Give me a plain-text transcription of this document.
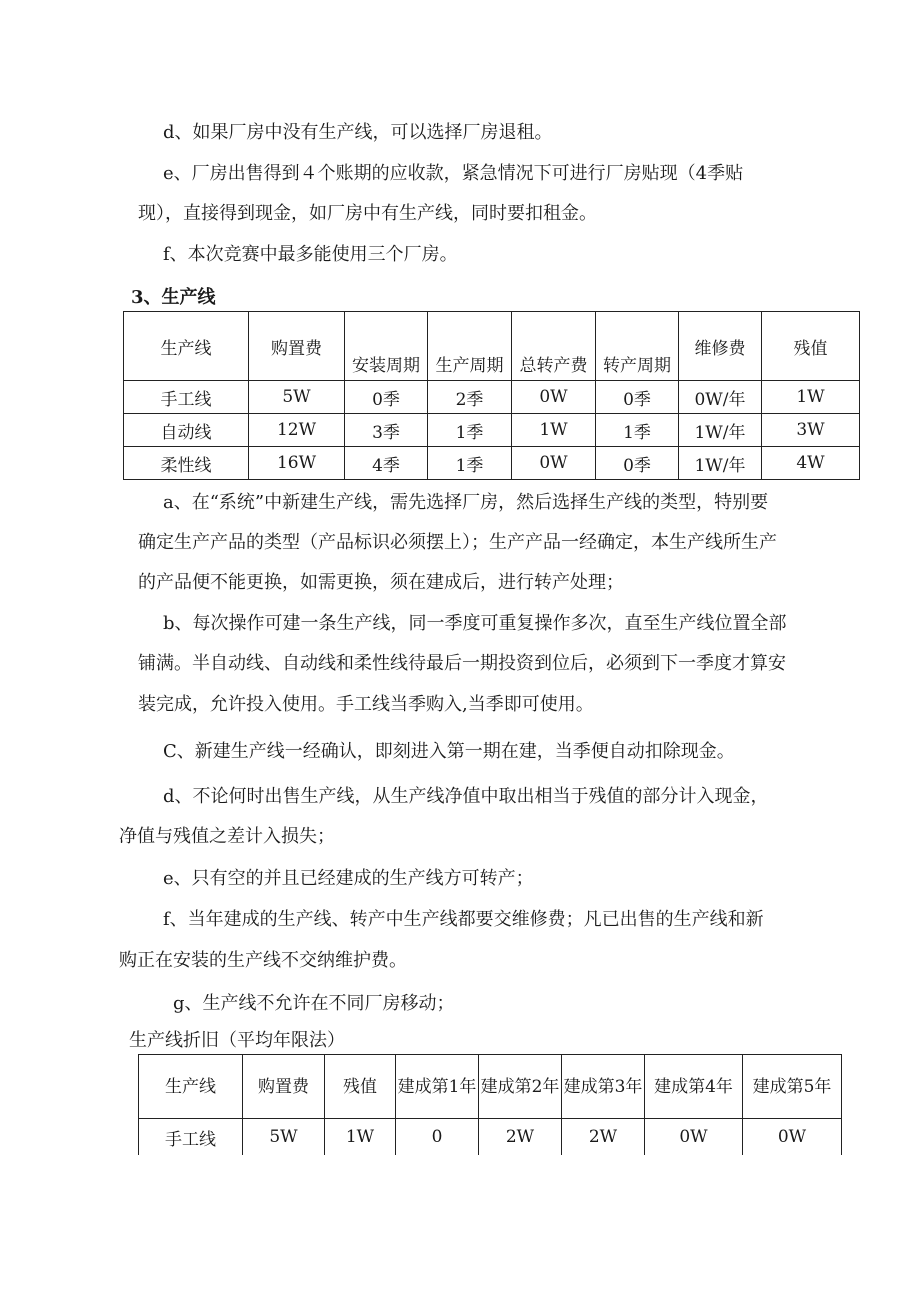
d、如果厂房中没有生产线，可以选择厂房退租。
e、厂房出售得到４个账期的应收款，紧急情况下可进行厂房贴现（4季贴
现），直接得到现金，如厂房中有生产线，同时要扣租金。
f、本次竞赛中最多能使用三个厂房。
3、生产线
生产线	购置费	安装周期	生产周期	总转产费	转产周期	维修费	残值
手工线	5W	0季	2季	0W	0季	0W/年	1W
自动线	12W	3季	1季	1W	1季	1W/年	3W
柔性线	16W	4季	1季	0W	0季	1W/年	4W
a、在“系统”中新建生产线，需先选择厂房，然后选择生产线的类型，特别要
确定生产产品的类型（产品标识必须摆上）；生产产品一经确定，本生产线所生产
的产品便不能更换，如需更换，须在建成后，进行转产处理；
b、每次操作可建一条生产线，同一季度可重复操作多次，直至生产线位置全部
铺满。半自动线、自动线和柔性线待最后一期投资到位后，必须到下一季度才算安
装完成，允许投入使用。手工线当季购入,当季即可使用。
C、新建生产线一经确认，即刻进入第一期在建，当季便自动扣除现金。
d、不论何时出售生产线，从生产线净值中取出相当于残值的部分计入现金，
净值与残值之差计入损失；
e、只有空的并且已经建成的生产线方可转产；
f、当年建成的生产线、转产中生产线都要交维修费；凡已出售的生产线和新
购正在安装的生产线不交纳维护费。
g、生产线不允许在不同厂房移动；
生产线折旧（平均年限法）
生产线	购置费	残值	建成第1年	建成第2年	建成第3年	建成第4年	建成第5年
手工线	5W	1W	0	2W	2W	0W	0W
